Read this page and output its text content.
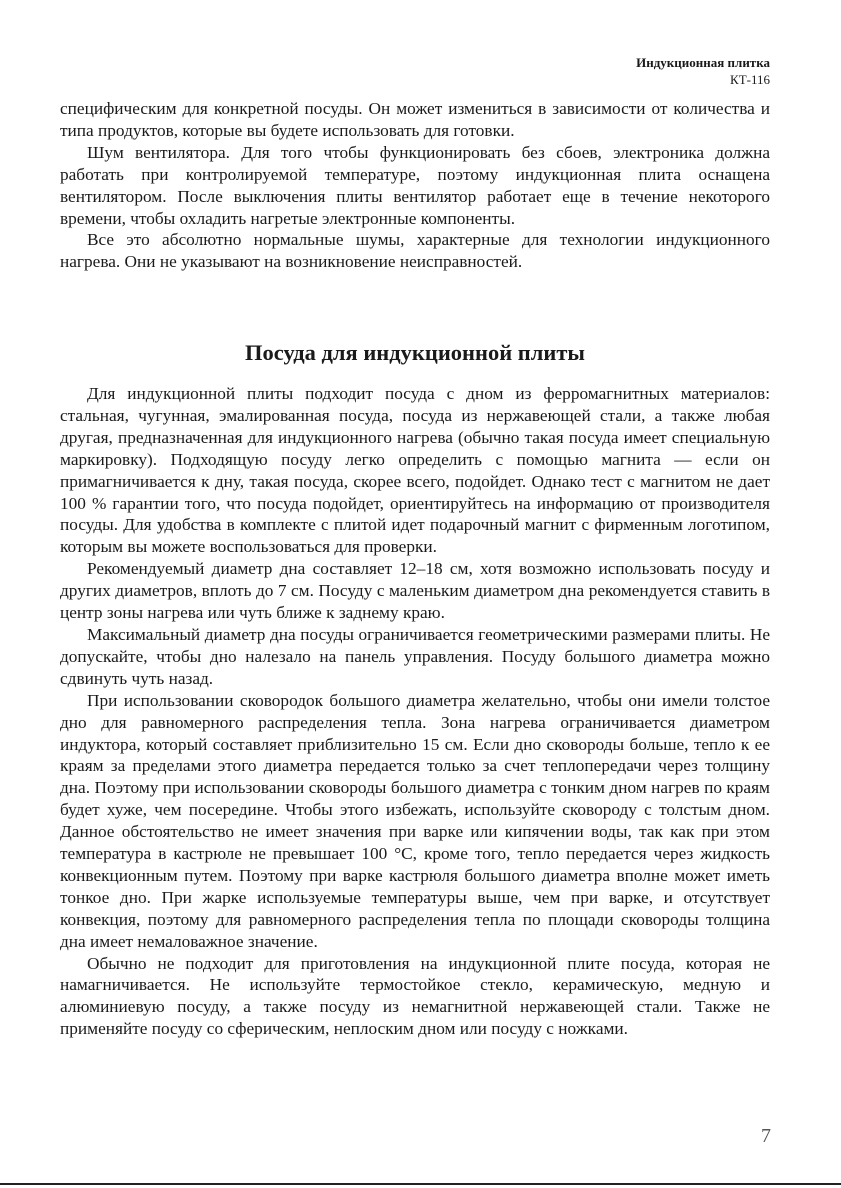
Индукционная плитка
КТ-116

специфическим для конкретной посуды. Он может измениться в зависимости от количества и типа продуктов, которые вы будете использовать для готовки.

Шум вентилятора. Для того чтобы функционировать без сбоев, электроника должна работать при контролируемой температуре, поэтому индукционная плита оснащена вентилятором. После выключения плиты вентилятор работает еще в течение некоторого времени, чтобы охладить нагретые электронные компоненты.

Все это абсолютно нормальные шумы, характерные для технологии индукционного нагрева. Они не указывают на возникновение неисправностей.

Посуда для индукционной плиты

Для индукционной плиты подходит посуда с дном из ферромагнитных материалов: стальная, чугунная, эмалированная посуда, посуда из нержавеющей стали, а также любая другая, предназначенная для индукционного нагрева (обычно такая посуда имеет специальную маркировку). Подходящую посуду легко определить с помощью магнита — если он примагничивается к дну, такая посуда, скорее всего, подойдет. Однако тест с магнитом не дает 100 % гарантии того, что посуда подойдет, ориентируйтесь на информацию от производителя посуды. Для удобства в комплекте с плитой идет подарочный магнит с фирменным логотипом, которым вы можете воспользоваться для проверки.

Рекомендуемый диаметр дна составляет 12–18 см, хотя возможно использовать посуду и других диаметров, вплоть до 7 см. Посуду с маленьким диаметром дна рекомендуется ставить в центр зоны нагрева или чуть ближе к заднему краю.

Максимальный диаметр дна посуды ограничивается геометрическими размерами плиты. Не допускайте, чтобы дно налезало на панель управления. Посуду большого диаметра можно сдвинуть чуть назад.

При использовании сковородок большого диаметра желательно, чтобы они имели толстое дно для равномерного распределения тепла. Зона нагрева ограничивается диаметром индуктора, который составляет приблизительно 15 см. Если дно сковороды больше, тепло к ее краям за пределами этого диаметра передается только за счет теплопередачи через толщину дна. Поэтому при использовании сковороды большого диаметра с тонким дном нагрев по краям будет хуже, чем посередине. Чтобы этого избежать, используйте сковороду с толстым дном. Данное обстоятельство не имеет значения при варке или кипячении воды, так как при этом температура в кастрюле не превышает 100 °C, кроме того, тепло передается через жидкость конвекционным путем. Поэтому при варке кастрюля большого диаметра вполне может иметь тонкое дно. При жарке используемые температуры выше, чем при варке, и отсутствует конвекция, поэтому для равномерного распределения тепла по площади сковороды толщина дна имеет немаловажное значение.

Обычно не подходит для приготовления на индукционной плите посуда, которая не намагничивается. Не используйте термостойкое стекло, керамическую, медную и алюминиевую посуду, а также посуду из немагнитной нержавеющей стали. Также не применяйте посуду со сферическим, неплоским дном или посуду с ножками.

7
